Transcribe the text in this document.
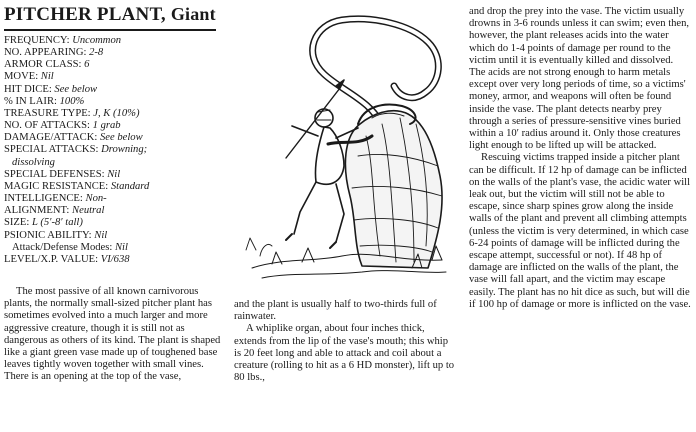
PITCHER PLANT, Giant
FREQUENCY: Uncommon
NO. APPEARING: 2-8
ARMOR CLASS: 6
MOVE: Nil
HIT DICE: See below
% IN LAIR: 100%
TREASURE TYPE: J, K (10%)
NO. OF ATTACKS: 1 grab
DAMAGE/ATTACK: See below
SPECIAL ATTACKS: Drowning;
dissolving
SPECIAL DEFENSES: Nil
MAGIC RESISTANCE: Standard
INTELLIGENCE: Non-
ALIGNMENT: Neutral
SIZE: L (5′-8′ tall)
PSIONIC ABILITY: Nil
Attack/Defense Modes: Nil
LEVEL/X.P. VALUE: VI/638
The most passive of all known carnivorous plants, the normally small-sized pitcher plant has sometimes evolved into a much larger and more aggressive creature, though it is still not as dangerous as others of its kind. The plant is shaped like a giant green vase made up of toughened base leaves tightly woven together with small vines. There is an opening at the top of the vase,
and the plant is usually half to two-thirds full of rainwater.
A whiplike organ, about four inches thick, extends from the lip of the vase's mouth; this whip is 20 feet long and able to attack and coil about a creature (rolling to hit as a 6 HD monster), lift up to 80 lbs.,
and drop the prey into the vase. The victim usually drowns in 3-6 rounds unless it can swim; even then, however, the plant releases acids into the water which do 1-4 points of damage per round to the victim until it is eventually killed and dissolved. The acids are not strong enough to harm metals except over very long periods of time, so a victims' money, armor, and weapons will often be found inside the vase. The plant detects nearby prey through a series of pressure-sensitive vines buried within a 10′ radius around it. Only those creatures light enough to be lifted up will be attacked.
Rescuing victims trapped inside a pitcher plant can be difficult. If 12 hp of damage can be inflicted on the walls of the plant's vase, the acidic water will leak out, but the victim will still not be able to escape, since sharp spines grow along the inside walls of the plant and prevent all climbing attempts (unless the victim is very determined, in which case 6-24 points of damage will be inflicted during the escape attempt, successful or not). If 48 hp of damage are inflicted on the walls of the plant, the vase will fall apart, and the victim may escape easily. The plant has no hit dice as such, but will die if 100 hp of damage or more is inflicted on the vase.
